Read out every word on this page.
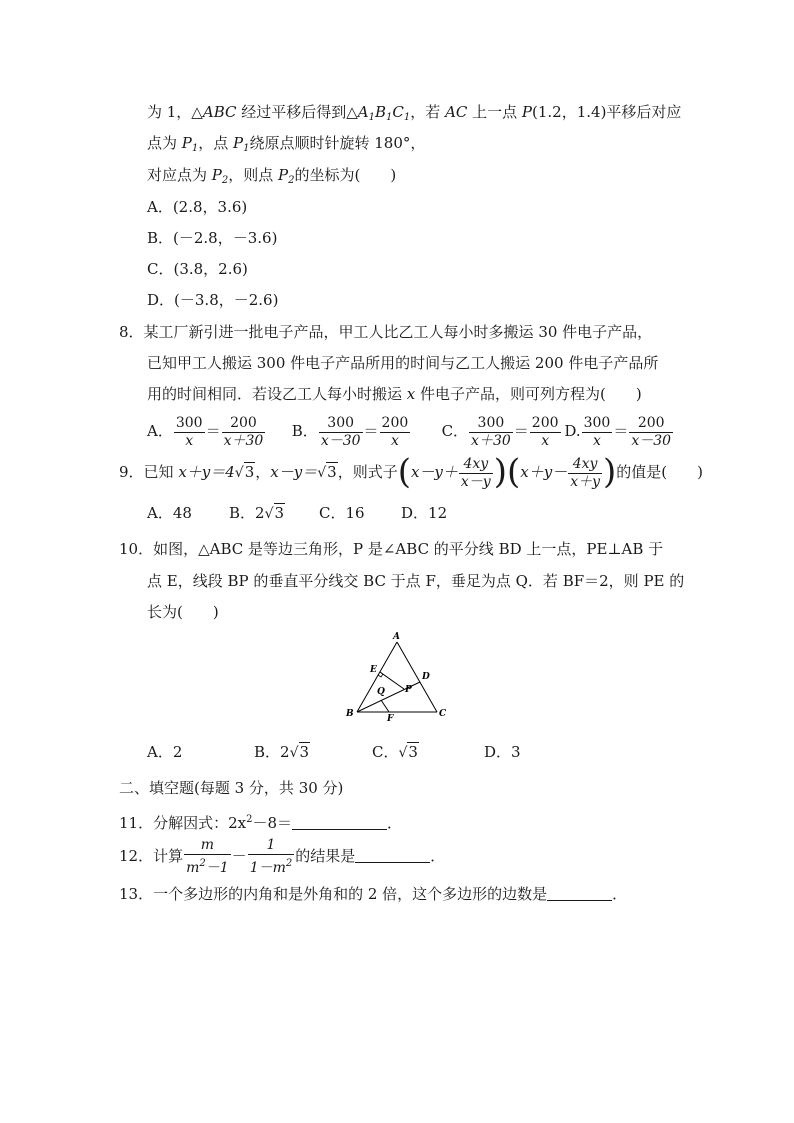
为 1，△ABC 经过平移后得到$\triangle A_1B_1C_1$，若 AC 上一点 P(1.2，1.4)平移后对应
点为 $P_1$，点 $P_1$绕原点顺时针旋转 180°，
对应点为 $P_2$，则点 $P_2$的坐标为(　　)
A．(2.8，3.6)
B．(－2.8，－3.6)
C．(3.8，2.6)
D．(－3.8，－2.6)
8．某工厂新引进一批电子产品，甲工人比乙工人每小时多搬运 30 件电子产品，
已知甲工人搬运 300 件电子产品所用的时间与乙工人搬运 200 件电子产品所
用的时间相同．若设乙工人每小时搬运 x 件电子产品，则可列方程为(　　)
A． $\frac{300}{x} = \frac{200}{x+30}$ B． $\frac{300}{x-30} = \frac{200}{x}$ C． $\frac{300}{x+30} = \frac{200}{x} D$. $\frac{300}{x} = \frac{200}{x-30}$
9．已知 x＋y＝4√3，x－y＝√3，则式子$(x-y+ \frac{4xy}{x-y} )(x+y- \frac{4xy}{x+y}$ )的值是(　　)
A．48 B．2√3 C．16 D．12
10．如图，△ABC 是等边三角形，P 是∠ABC 的平分线 BD 上一点，PE⊥AB 于
点 E，线段 BP 的垂直平分线交 BC 于点 F，垂足为点 Q．若 BF＝2，则 PE 的
长为(　　)
A
E
D
Q P
B	F	C
A．2	B．2√3	C．√3	D．3
二、填空题(每题 3 分，共 30 分)
11．分解因式：$2x^2-8=$	．
12．计算 $\frac{m}{m^2-1} - \frac{1}{1-m^2}$ 的结果是	．
13．一个多边形的内角和是外角和的 2 倍，这个多边形的边数是	．
